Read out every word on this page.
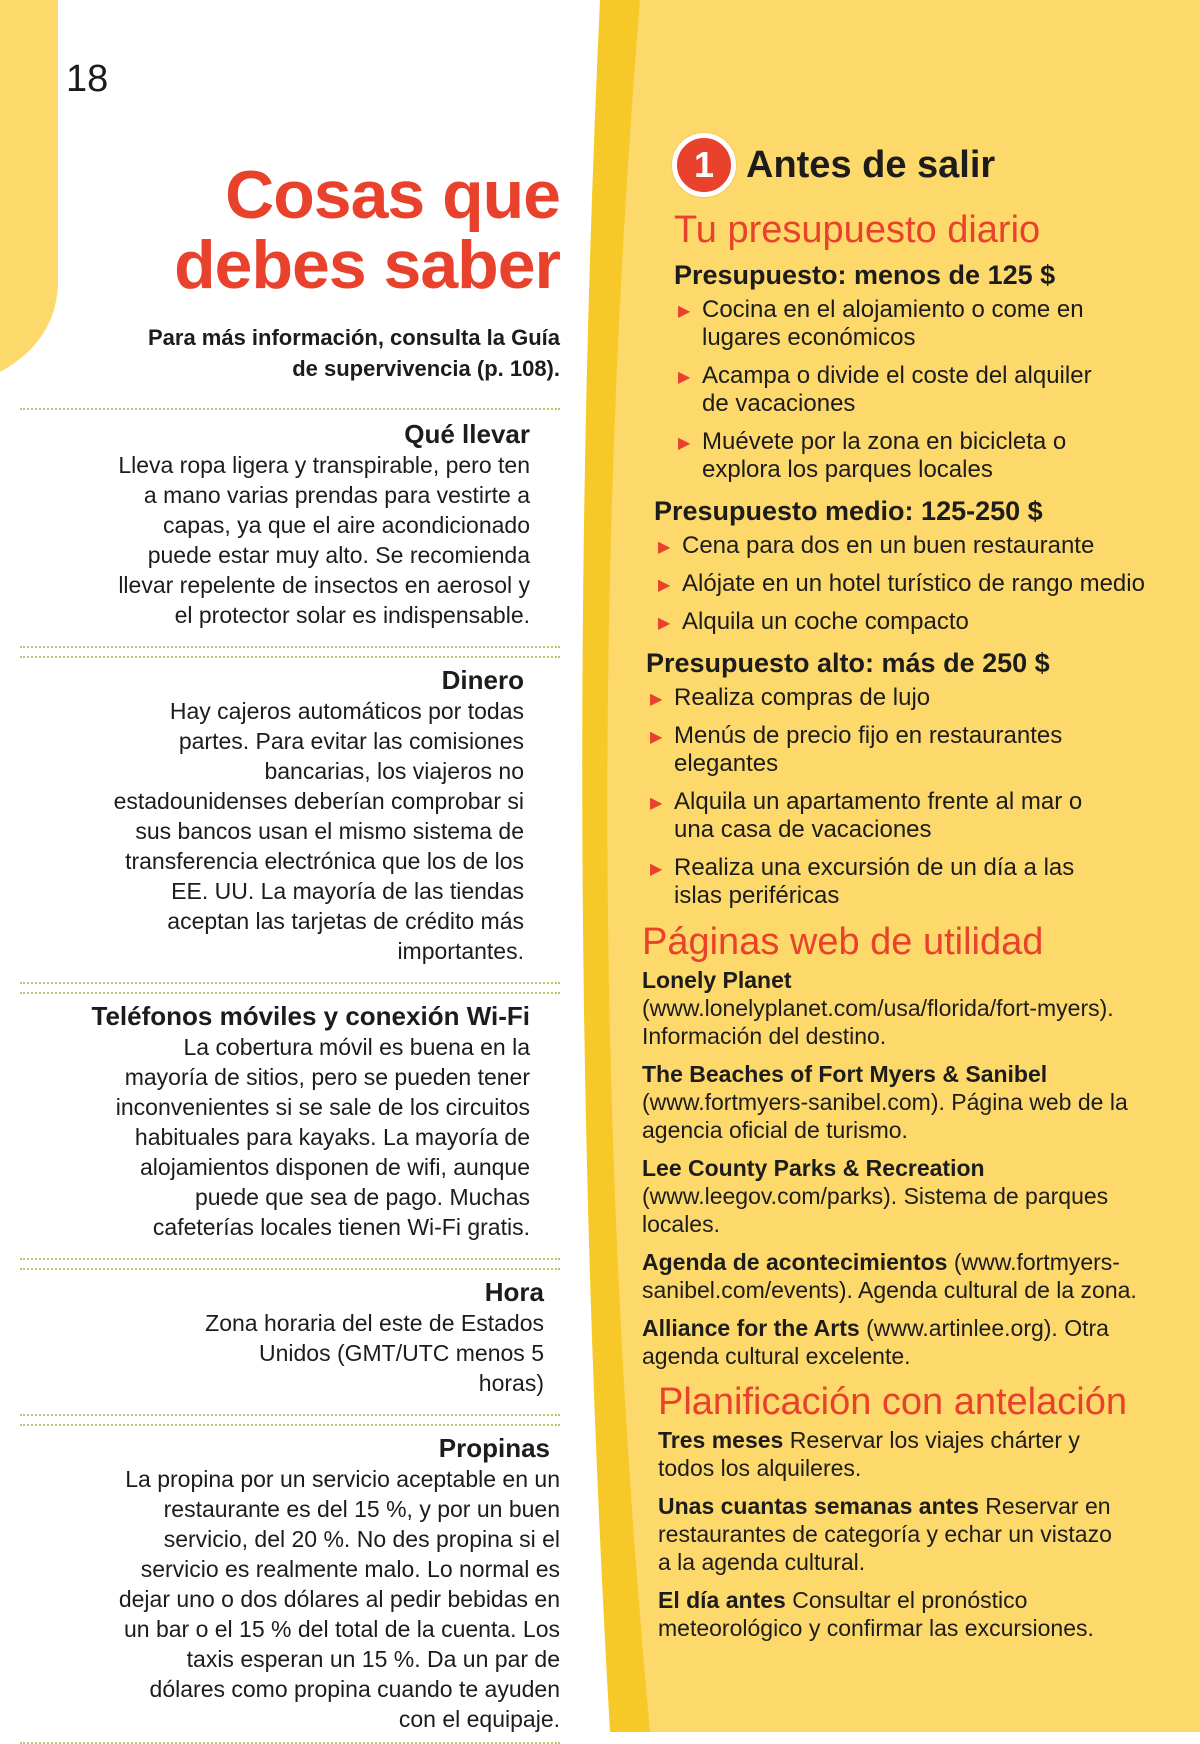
18
Cosas que
debes saber

Para más información, consulta la Guía
de supervivencia (p. 108).

Qué llevar

Lleva ropa ligera y transpirable, pero ten a mano varias prendas para vestirte a capas, ya que el aire acondicionado puede estar muy alto. Se recomienda llevar repelente de insectos en aerosol y el protector solar es indispensable.

Dinero

Hay cajeros automáticos por todas partes. Para evitar las comisiones bancarias, los viajeros no estadounidenses deberían comprobar si sus bancos usan el mismo sistema de transferencia electrónica que los de los EE. UU. La mayoría de las tiendas aceptan las tarjetas de crédito más importantes.

Teléfonos móviles y conexión Wi-Fi

La cobertura móvil es buena en la mayoría de sitios, pero se pueden tener inconvenientes si se sale de los circuitos habituales para kayaks. La mayoría de alojamientos disponen de wifi, aunque puede que sea de pago. Muchas cafeterías locales tienen Wi-Fi gratis.

Hora

Zona horaria del este de Estados Unidos (GMT/UTC menos 5 horas)

Propinas

La propina por un servicio aceptable en un restaurante es del 15 %, y por un buen servicio, del 20 %. No des propina si el servicio es realmente malo. Lo normal es dejar uno o dos dólares al pedir bebidas en un bar o el 15 % del total de la cuenta. Los taxis esperan un 15 %. Da un par de dólares como propina cuando te ayuden con el equipaje.

1 Antes de salir
Tu presupuesto diario
Presupuesto: menos de 125 $
▶ Cocina en el alojamiento o come en lugares económicos
▶ Acampa o divide el coste del alquiler de vacaciones
▶ Muévete por la zona en bicicleta o explora los parques locales
Presupuesto medio: 125-250 $
▶ Cena para dos en un buen restaurante
▶ Alójate en un hotel turístico de rango medio
▶ Alquila un coche compacto
Presupuesto alto: más de 250 $
▶ Realiza compras de lujo
▶ Menús de precio fijo en restaurantes elegantes
▶ Alquila un apartamento frente al mar o una casa de vacaciones
▶ Realiza una excursión de un día a las islas periféricas
Páginas web de utilidad

Lonely Planet (www.lonelyplanet.com/usa/florida/fort-myers). Información del destino.

The Beaches of Fort Myers & Sanibel (www.fortmyers-sanibel.com). Página web de la agencia oficial de turismo.

Lee County Parks & Recreation (www.leegov.com/parks). Sistema de parques locales.

Agenda de acontecimientos (www.fortmyers-sanibel.com/events). Agenda cultural de la zona.

Alliance for the Arts (www.artinlee.org). Otra agenda cultural excelente.

Planificación con antelación

Tres meses Reservar los viajes chárter y todos los alquileres.

Unas cuantas semanas antes Reservar en restaurantes de categoría y echar un vistazo a la agenda cultural.

El día antes Consultar el pronóstico meteorológico y confirmar las excursiones.
